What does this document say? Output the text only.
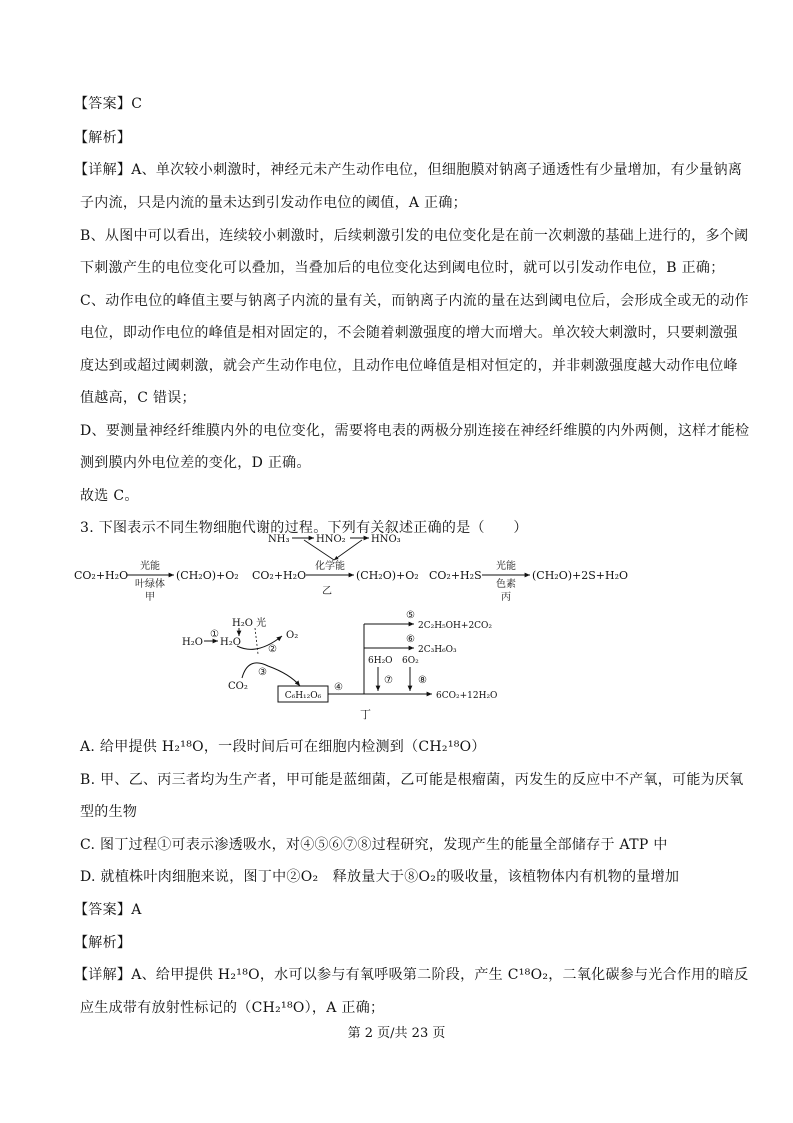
【答案】C
【解析】
【详解】A、单次较小刺激时，神经元未产生动作电位，但细胞膜对钠离子通透性有少量增加，有少量钠离
子内流，只是内流的量未达到引发动作电位的阈值，A 正确；
B、从图中可以看出，连续较小刺激时，后续刺激引发的电位变化是在前一次刺激的基础上进行的，多个阈
下刺激产生的电位变化可以叠加，当叠加后的电位变化达到阈电位时，就可以引发动作电位，B 正确；
C、动作电位的峰值主要与钠离子内流的量有关，而钠离子内流的量在达到阈电位后，会形成全或无的动作
电位，即动作电位的峰值是相对固定的，不会随着刺激强度的增大而增大。单次较大刺激时，只要刺激强
度达到或超过阈刺激，就会产生动作电位，且动作电位峰值是相对恒定的，并非刺激强度越大动作电位峰
值越高，C 错误；
D、要测量神经纤维膜内外的电位变化，需要将电表的两极分别连接在神经纤维膜的内外两侧，这样才能检
测到膜内外电位差的变化，D 正确。
故选 C。
3. 下图表示不同生物细胞代谢的过程。下列有关叙述正确的是（　　）
CO₂+H₂O
光能
叶绿体
甲
(CH₂O)+O₂
NH₃	HNO₂	HNO₃
CO₂+H₂O
化学能
(CH₂O)+O₂
乙
CO₂+H₂S
光能
色素
丙
(CH₂O)+2S+H₂O
H₂O
①
H₂O
H₂O 光
O₂
②
③
CO₂
C₆H₁₂O₆
④
2C₂H₅OH+2CO₂
⑤
2C₃H₆O₃
⑥
6H₂O
⑦
6O₂
⑧
6CO₂+12H₂O
丁
A. 给甲提供 H₂¹⁸O，一段时间后可在细胞内检测到（CH₂¹⁸O）
B. 甲、乙、丙三者均为生产者，甲可能是蓝细菌，乙可能是根瘤菌，丙发生的反应中不产氧，可能为厌氧
型的生物
C. 图丁过程①可表示渗透吸水，对④⑤⑥⑦⑧过程研究，发现产生的能量全部储存于 ATP 中
D. 就植株叶肉细胞来说，图丁中②O₂　释放量大于⑧O₂的吸收量，该植物体内有机物的量增加
【答案】A
【解析】
【详解】A、给甲提供 H₂¹⁸O，水可以参与有氧呼吸第二阶段，产生 C¹⁸O₂，二氧化碳参与光合作用的暗反
应生成带有放射性标记的（CH₂¹⁸O），A 正确；
第 2 页/共 23 页
